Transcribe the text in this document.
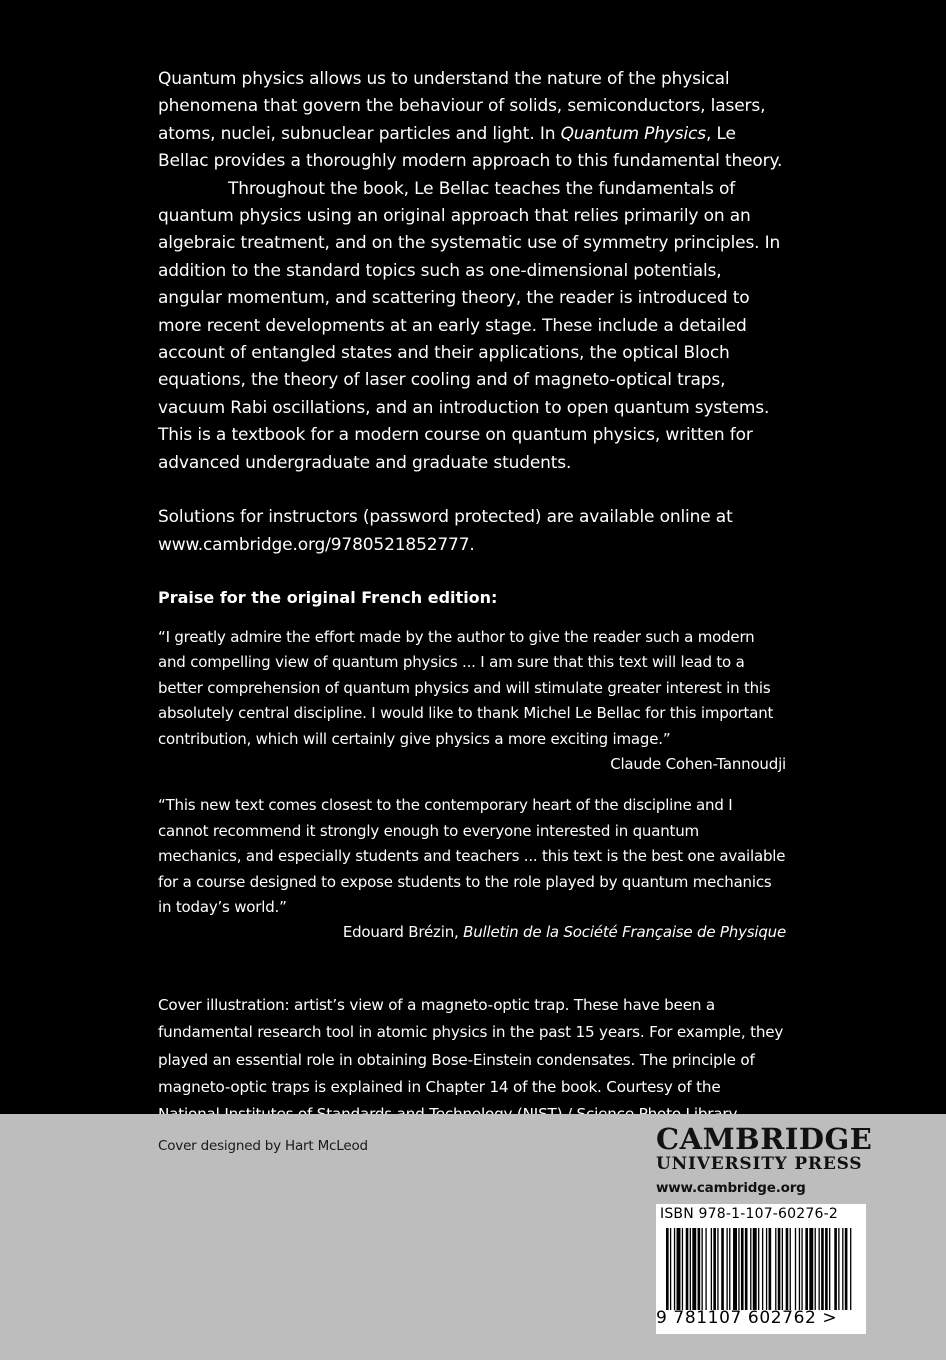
Quantum physics allows us to understand the nature of the physical phenomena that govern the behaviour of solids, semiconductors, lasers, atoms, nuclei, subnuclear particles and light. In Quantum Physics, Le Bellac provides a thoroughly modern approach to this fundamental theory.

Throughout the book, Le Bellac teaches the fundamentals of quantum physics using an original approach that relies primarily on an algebraic treatment, and on the systematic use of symmetry principles. In addition to the standard topics such as one-dimensional potentials, angular momentum, and scattering theory, the reader is introduced to more recent developments at an early stage. These include a detailed account of entangled states and their applications, the optical Bloch equations, the theory of laser cooling and of magneto-optical traps, vacuum Rabi oscillations, and an introduction to open quantum systems. This is a textbook for a modern course on quantum physics, written for advanced undergraduate and graduate students.

Solutions for instructors (password protected) are available online at www.cambridge.org/9780521852777.
Praise for the original French edition:
“I greatly admire the effort made by the author to give the reader such a modern and compelling view of quantum physics ... I am sure that this text will lead to a better comprehension of quantum physics and will stimulate greater interest in this absolutely central discipline. I would like to thank Michel Le Bellac for this important contribution, which will certainly give physics a more exciting image.”
Claude Cohen-Tannoudji
“This new text comes closest to the contemporary heart of the discipline and I cannot recommend it strongly enough to everyone interested in quantum mechanics, and especially students and teachers ... this text is the best one available for a course designed to expose students to the role played by quantum mechanics in today’s world.”
Edouard Brézin, Bulletin de la Société Française de Physique
Cover illustration: artist’s view of a magneto-optic trap. These have been a fundamental research tool in atomic physics in the past 15 years. For example, they played an essential role in obtaining Bose-Einstein condensates. The principle of magneto-optic traps is explained in Chapter 14 of the book. Courtesy of the
Cover designed by Hart McLeod	CAMBRIDGE
UNIVERSITY PRESS
www.cambridge.org
ISBN 978-1-107-60276-2
9 781107 602762 >
